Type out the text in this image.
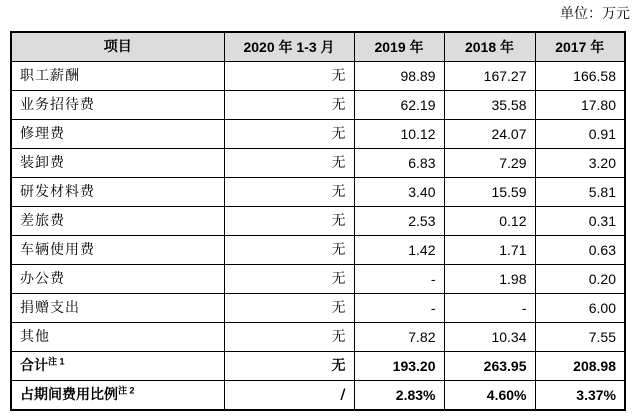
单位：万元
项目	2020 年 1-3 月	2019 年	2018 年	2017 年
职工薪酬	无	98.89	167.27	166.58
业务招待费	无	62.19	35.58	17.80
修理费	无	10.12	24.07	0.91
装卸费	无	6.83	7.29	3.20
研发材料费	无	3.40	15.59	5.81
差旅费	无	2.53	0.12	0.31
车辆使用费	无	1.42	1.71	0.63
办公费	无	-	1.98	0.20
捐赠支出	无	-	-	6.00
其他	无	7.82	10.34	7.55
合计$^{注 1}$	无	193.20	263.95	208.98
占期间费用比例$^{注 2}$	/	2.83%	4.60%	3.37%
